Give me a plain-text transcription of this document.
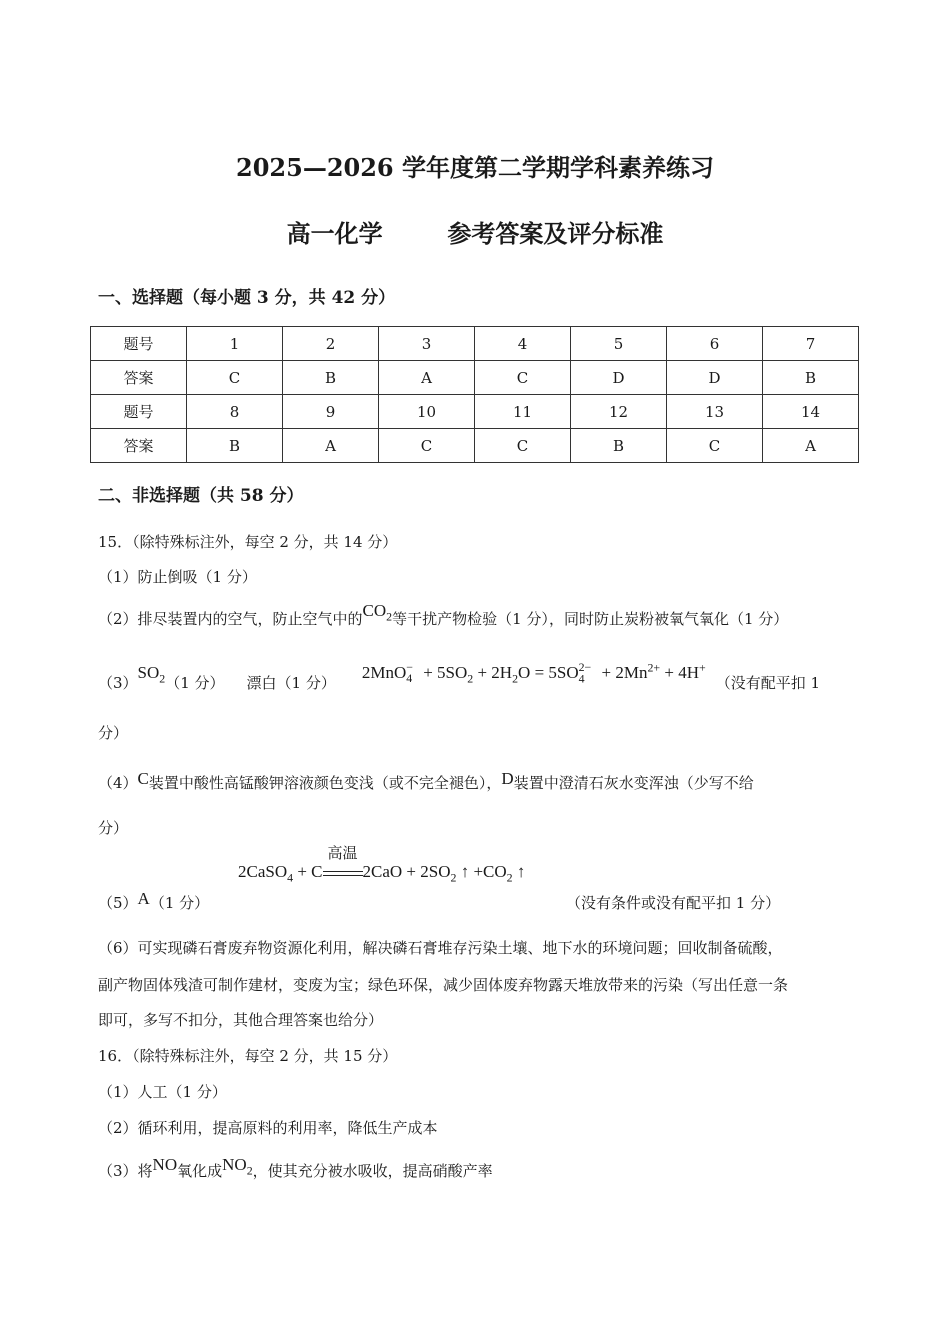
2025—2026 学年度第二学期学科素养练习
高一化学	参考答案及评分标准
一、选择题（每小题 3 分，共 42 分）
题号	1	2	3	4	5	6	7
答案	C	B	A	C	D	D	B
题号	8	9	10	11	12	13	14
答案	B	A	C	C	B	C	A
二、非选择题（共 58 分）
15．（除特殊标注外，每空 2 分，共 14 分）
（1）防止倒吸（1 分）
（2）排尽装置内的空气，防止空气中的$CO_2$等干扰产物检验（1 分），同时防止炭粉被氧气氧化（1 分）
$(3)SO_2(1$ 分） 漂白（1 分）$2MnO_4^- + 5SO_2 + 2H_2O = 5SO_4^{2-} + 2Mn^{2+} + 4H^+$（没有配平扣 1
分）
（4）C装置中酸性高锰酸钾溶液颜色变浅（或不完全褪色），D装置中澄清石灰水变浑浊（少写不给
分）
2CaSO$_4$ + C
高温
$2CaO + 2SO_2$ ↑ $+CO_2$ ↑
（5）A（1 分）	（没有条件或没有配平扣 1 分）
（6）可实现磷石膏废弃物资源化利用，解决磷石膏堆存污染土壤、地下水的环境问题；回收制备硫酸，
副产物固体残渣可制作建材，变废为宝；绿色环保，减少固体废弃物露天堆放带来的污染（写出任意一条
即可，多写不扣分，其他合理答案也给分）
16．（除特殊标注外，每空 2 分，共 15 分）
（1）人工（1 分）
（2）循环利用，提高原料的利用率，降低生产成本
（3）将NO氧化成$NO_2$，使其充分被水吸收，提高硝酸产率
